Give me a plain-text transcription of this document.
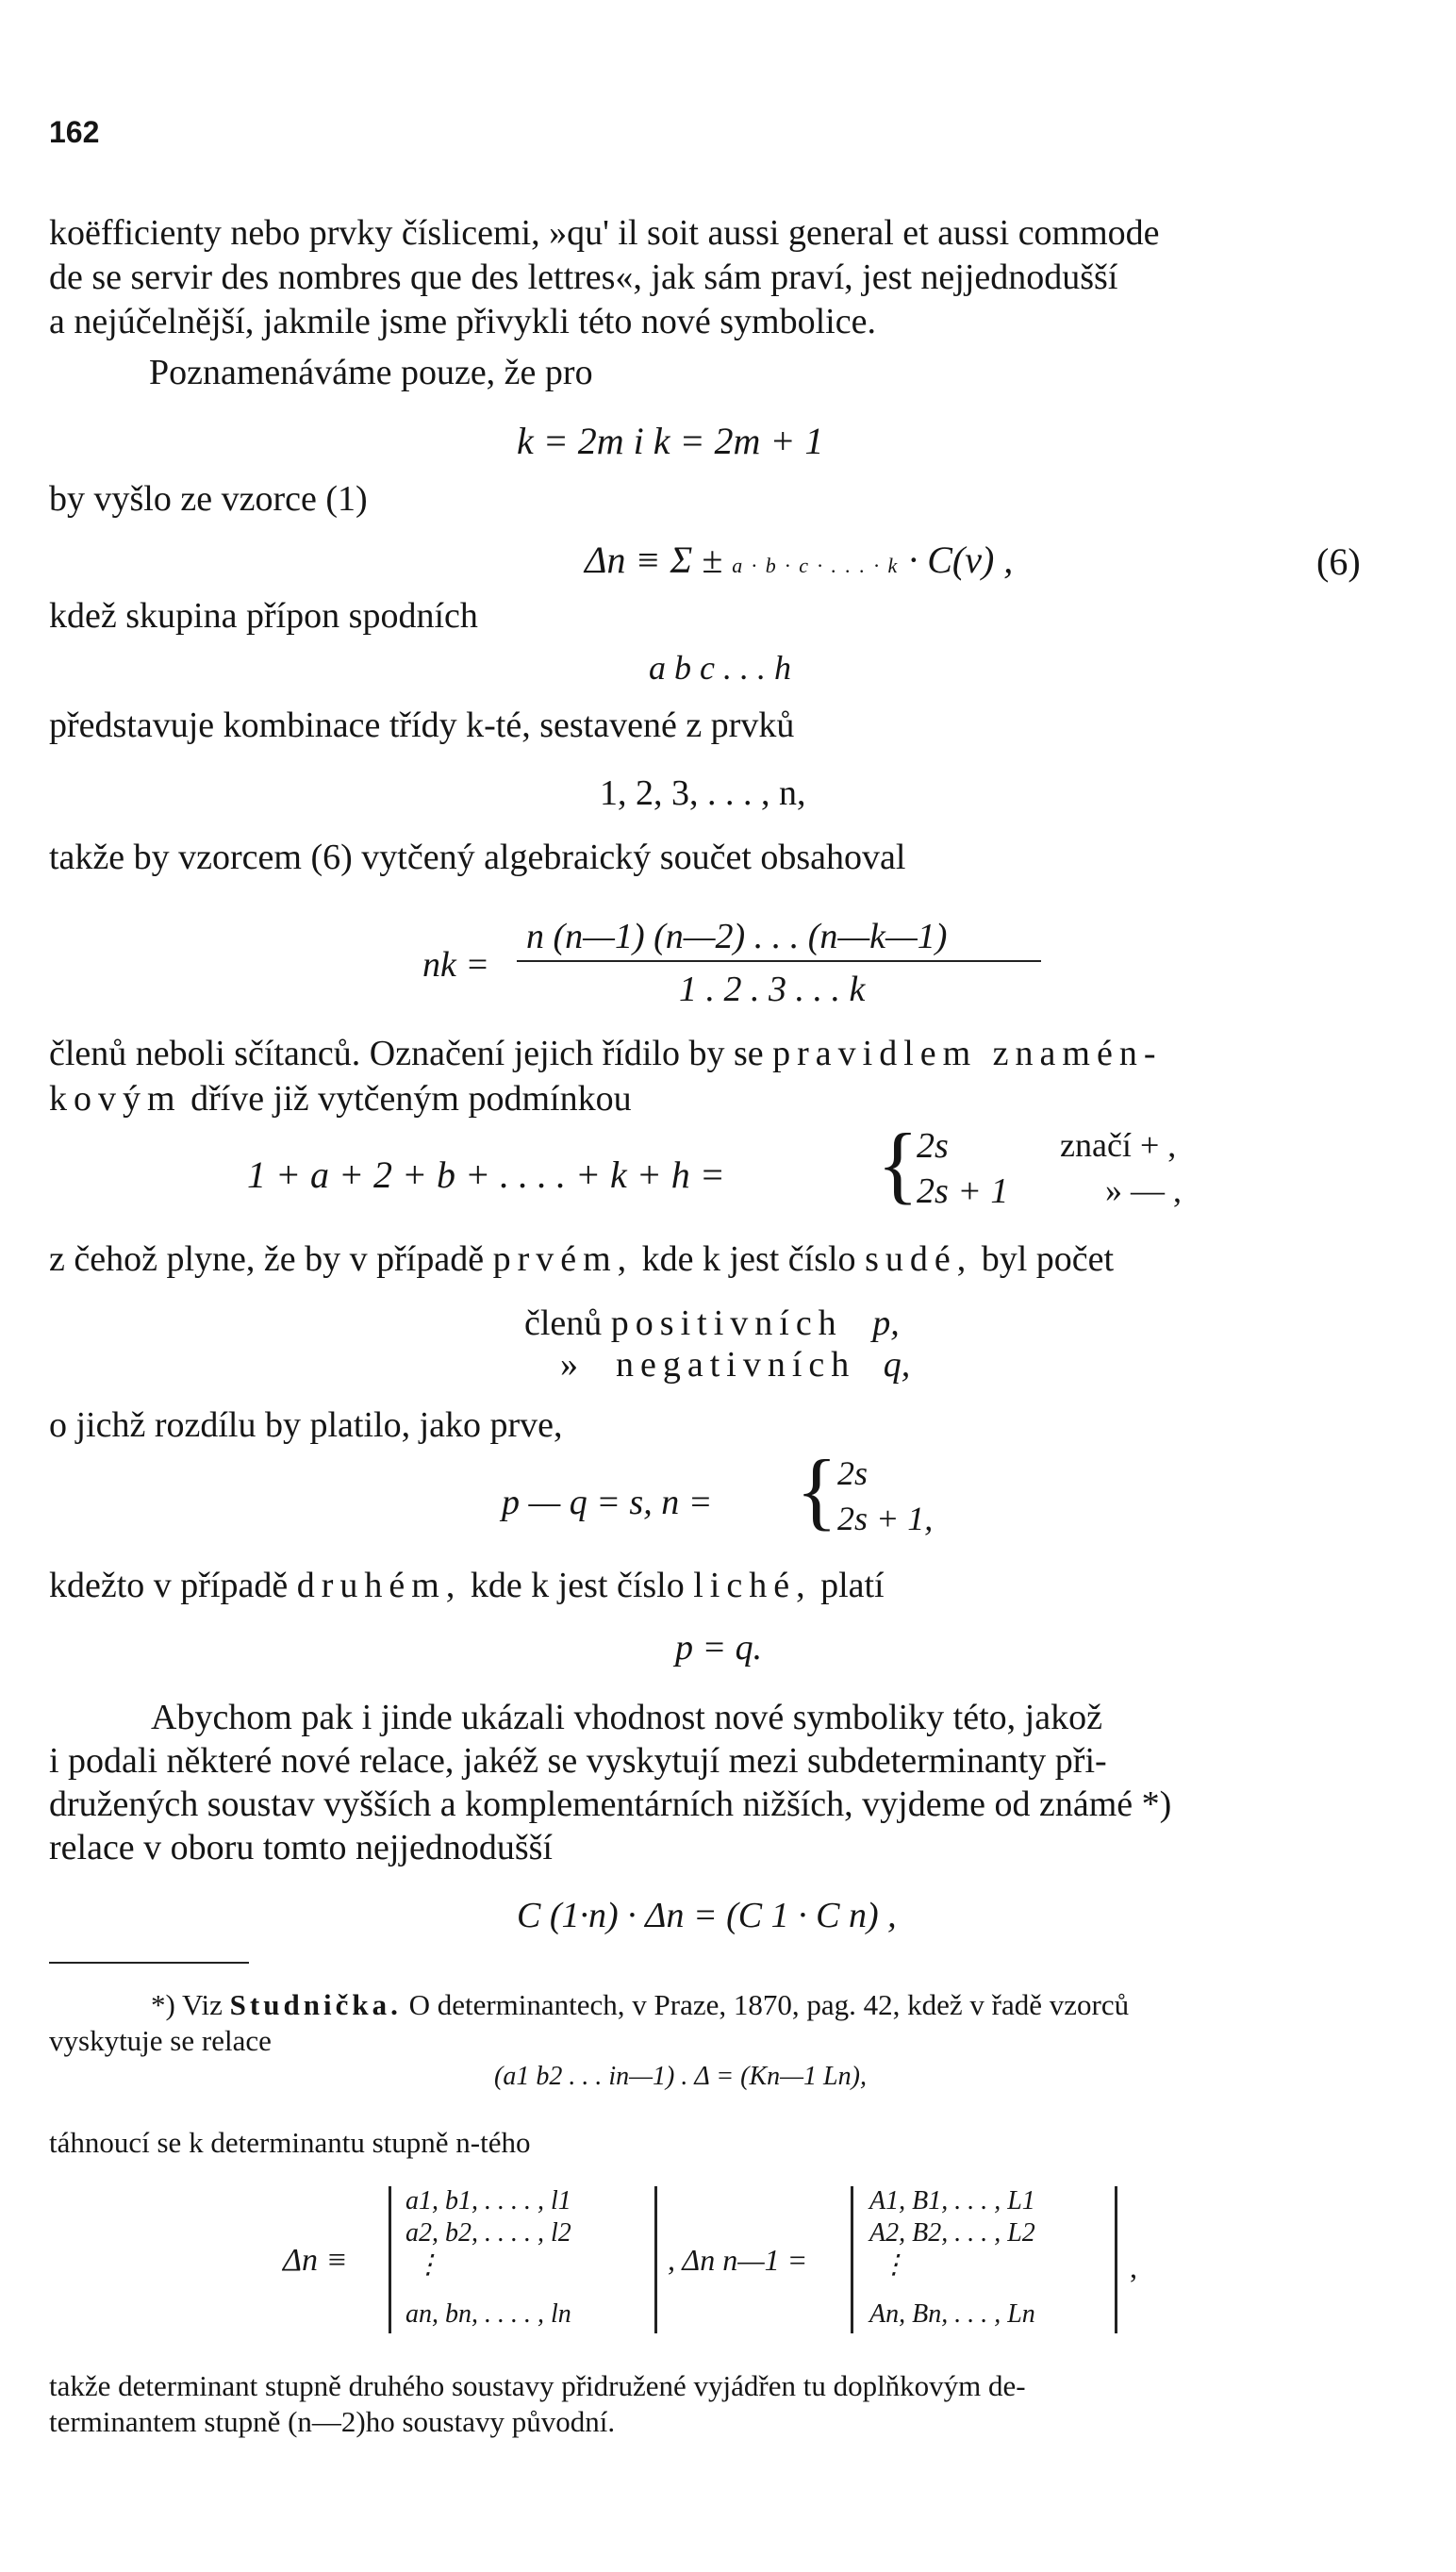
162
koëfficienty nebo prvky číslicemi, »qu' il soit aussi general et aussi commode
de se servir des nombres que des lettres«, jak sám praví, jest nejjednodušší
a nejúčelnější, jakmile jsme přivykli této nové symbolice.
Poznamenáváme pouze, že pro
k = 2m i k = 2m + 1
by vyšlo ze vzorce (1)
Δn ≡ Σ ± a · b · c · . . . · k · C(ν) ,	(6)
kdež skupina přípon spodních
a b c . . . h
představuje kombinace třídy k-té, sestavené z prvků
1, 2, 3, . . . , n,
takže by vzorcem (6) vytčený algebraický součet obsahoval
nk =
n (n—1) (n—2) . . . (n—k—1)
1 . 2 . 3 . . . k
členů neboli sčítanců. Označení jejich řídilo by se pravidlem znamén-
kovým dříve již vytčeným podmínkou
1 + a + 2 + b + . . . . + k + h = {
2s
2s + 1
značí + ,
» — ,
z čehož plyne, že by v případě prvém, kde k jest číslo sudé, byl počet
členů positivních p,
» negativních q,
o jichž rozdílu by platilo, jako prve,
p — q = s, n = { 2s
2s + 1,
kdežto v případě druhém, kde k jest číslo liché, platí
p = q.
Abychom pak i jinde ukázali vhodnost nové symboliky této, jakož
i podali některé nové relace, jakéž se vyskytují mezi subdeterminanty při-
družených soustav vyšších a komplementárních nižších, vyjdeme od známé *)
relace v oboru tomto nejjednodušší
C (1·n) · Δn = (C 1 · C n) ,
*) Viz Studnička. O determinantech, v Praze, 1870, pag. 42, kdež v řadě vzorců
vyskytuje se relace
(a1 b2 . . . in—1) . Δ = (Kn—1 Ln),
táhnoucí se k determinantu stupně n-tého
Δn ≡
a1, b1, . . . . , l1
a2, b2, . . . . , l2
⋮
an, bn, . . . . , ln
, Δn n—1 =
A1, B1, . . . , L1
A2, B2, . . . , L2
⋮
An, Bn, . . . , Ln
,
takže determinant stupně druhého soustavy přidružené vyjádřen tu doplňkovým de-
terminantem stupně (n—2)ho soustavy původní.
